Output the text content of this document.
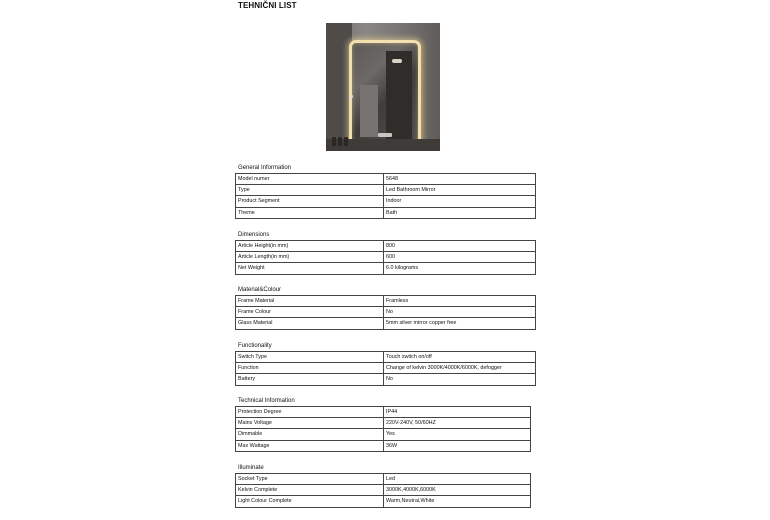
TEHNIČNI LIST
General Information
Model numer	5648
Type	Led Bathroom Mirror
Product Segment	Indoor
Theme	Bath
Dimensions
Article Height(in mm)	800
Article Length(in mm)	600
Net Weight	6.0 kilograms
Material&Colour
Frame Material	Framless
Frame Colour	No
Glass Material	5mm silver mirror copper free
Functionality
Switch Type	Touch switch on/off
Function	Change of kelvin 3000K/4000K/6000K, defogger
Battery	No
Technical Information
Protection Degree	IP44
Mains Voltage	220V-240V, 50/60HZ
Dimmable	Yes
Max Wattage	36W
Illuminate
Socket Type	Led
Kelvin Complete	3000K,4000K,6000K
Light Colour Complete	Warm,Neutral,White
